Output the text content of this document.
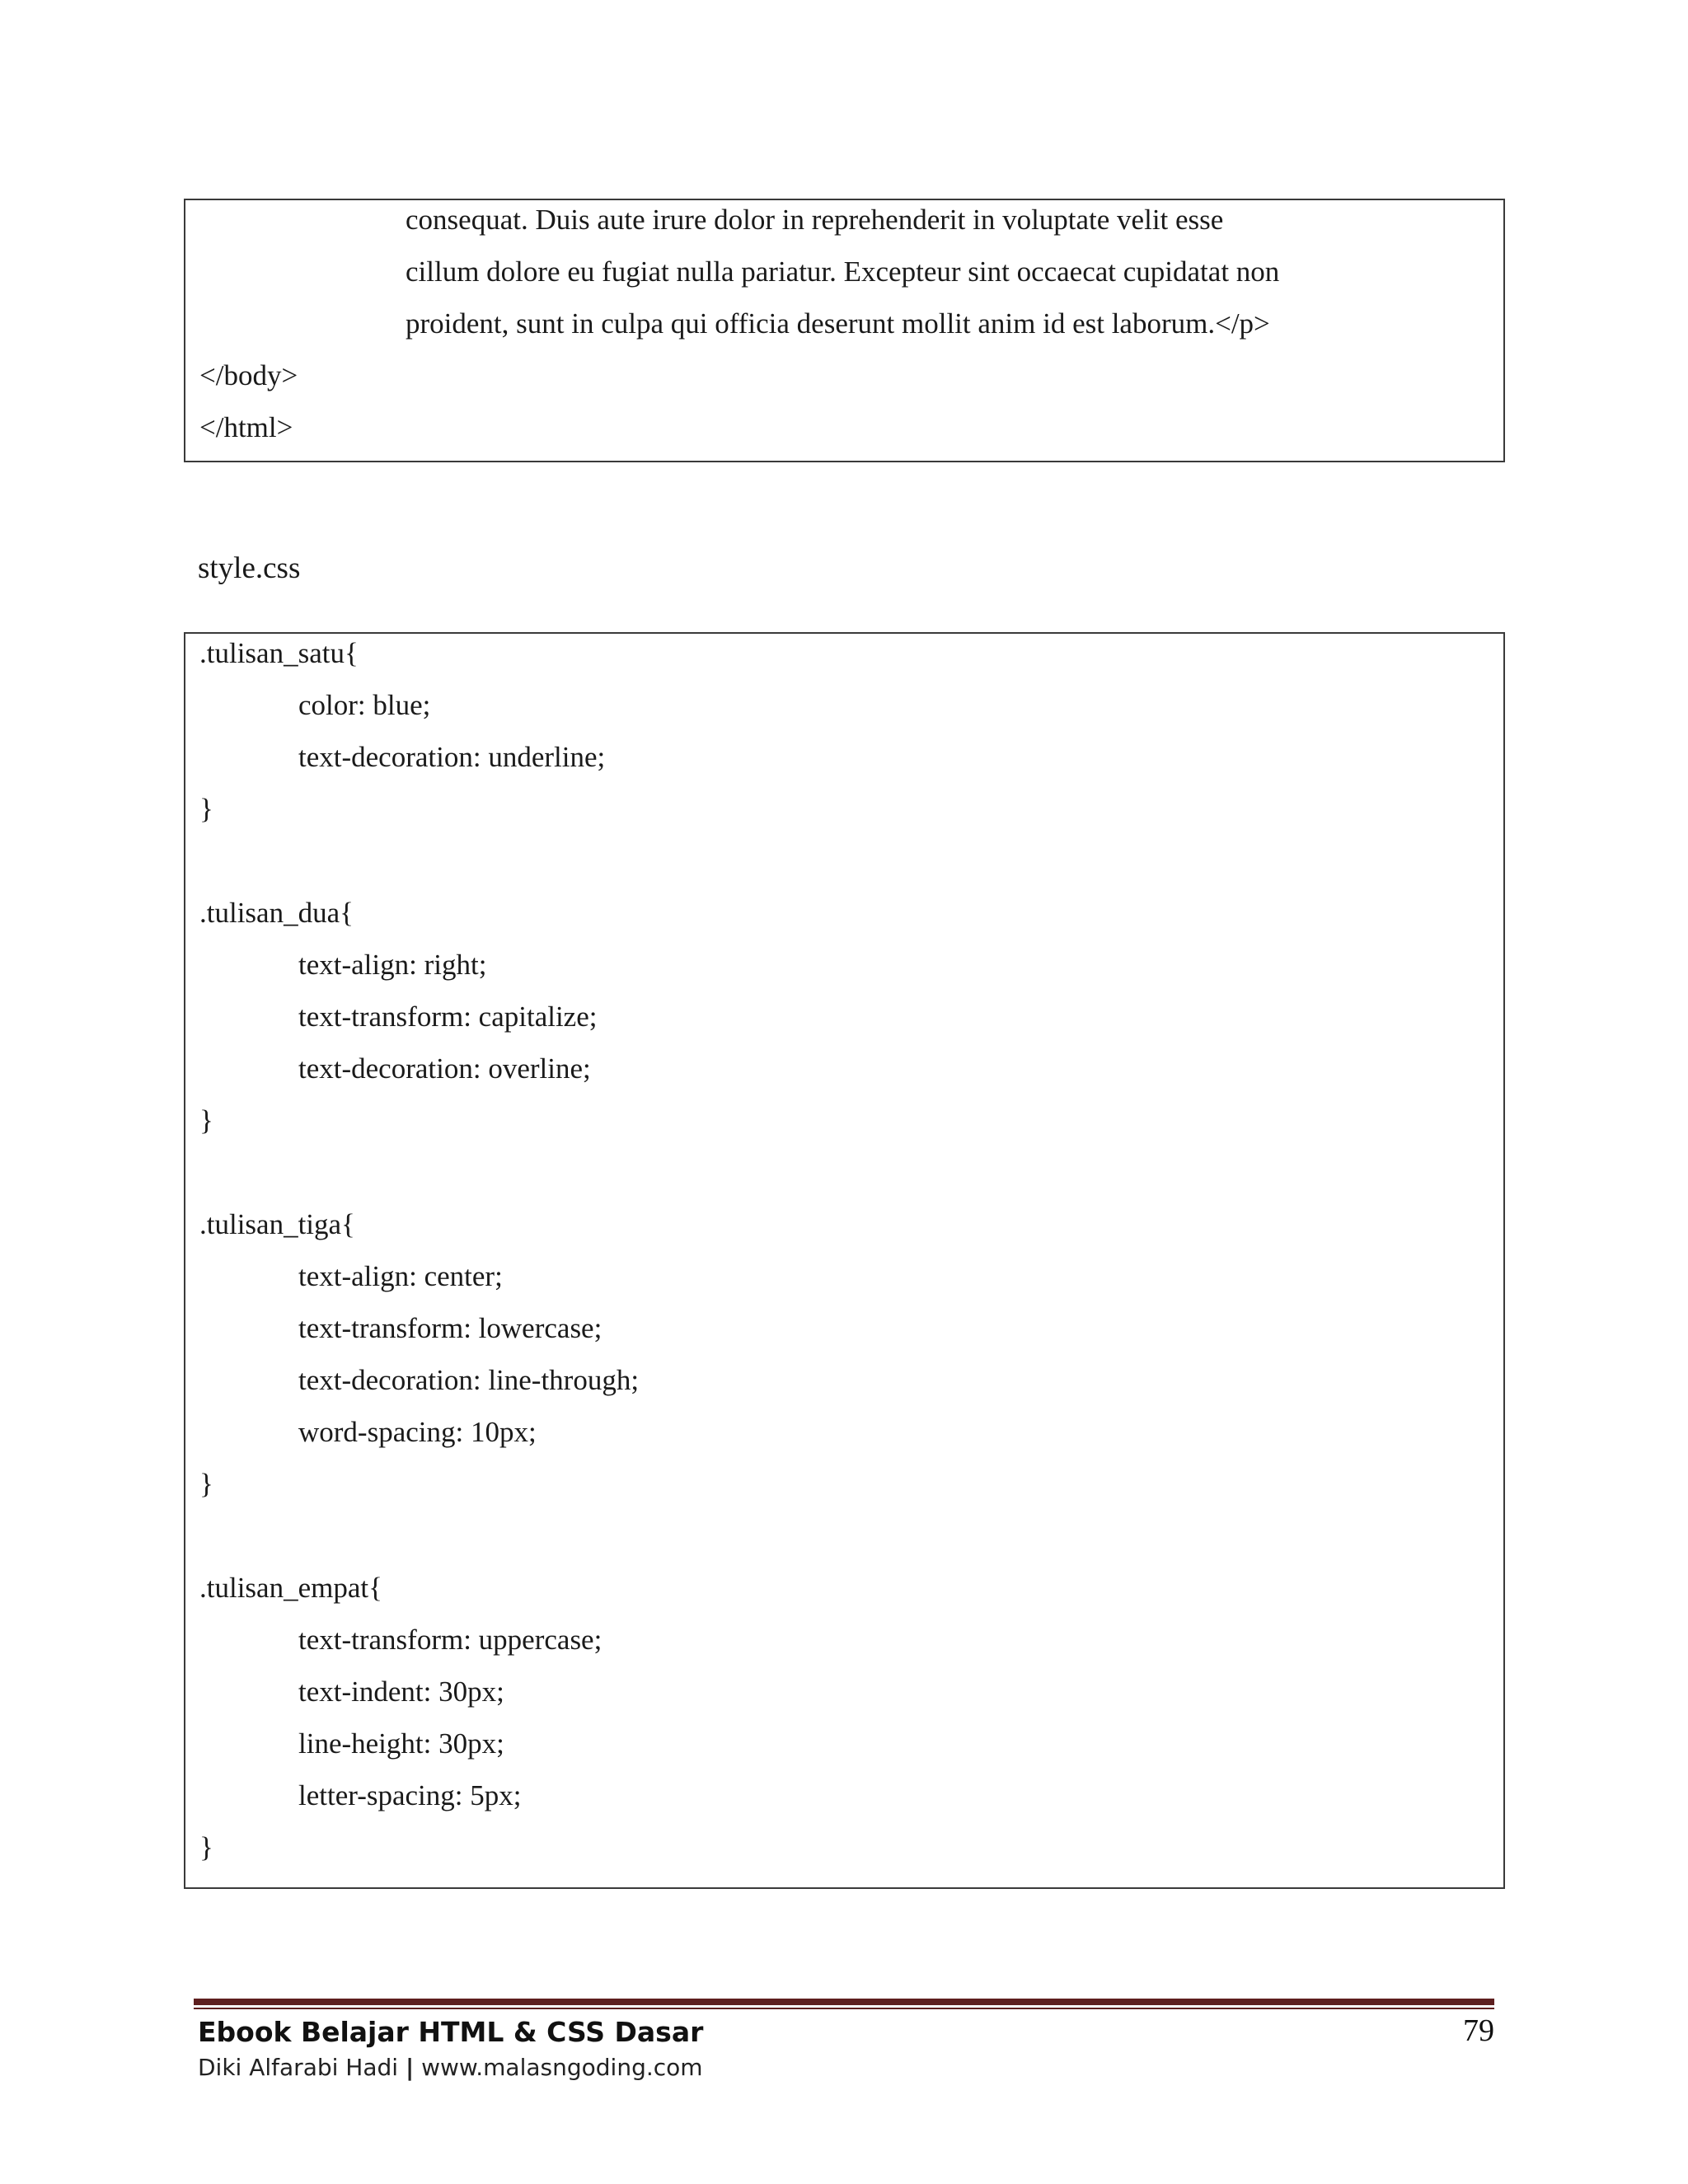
consequat. Duis aute irure dolor in reprehenderit in voluptate velit esse
cillum dolore eu fugiat nulla pariatur. Excepteur sint occaecat cupidatat non
proident, sunt in culpa qui officia deserunt mollit anim id est laborum.</p>
</body>
</html>
style.css
.tulisan_satu{
color: blue;
text-decoration: underline;
}
.tulisan_dua{
text-align: right;
text-transform: capitalize;
text-decoration: overline;
}
.tulisan_tiga{
text-align: center;
text-transform: lowercase;
text-decoration: line-through;
word-spacing: 10px;
}
.tulisan_empat{
text-transform: uppercase;
text-indent: 30px;
line-height: 30px;
letter-spacing: 5px;
}
Ebook Belajar HTML & CSS Dasar
Diki Alfarabi Hadi | www.malasngoding.com
79
